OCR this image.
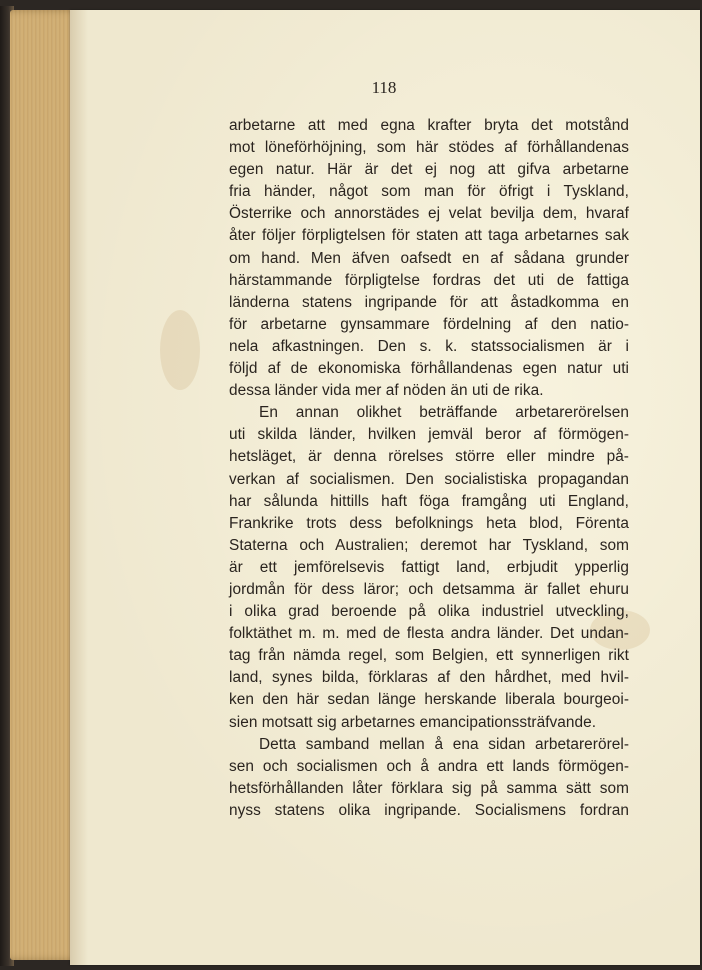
118
arbetarne att med egna krafter bryta det motstånd
mot löneförhöjning, som här stödes af förhållandenas
egen natur. Här är det ej nog att gifva arbetarne
fria händer, något som man för öfrigt i Tyskland,
Österrike och annorstädes ej velat bevilja dem, hvaraf
åter följer förpligtelsen för staten att taga arbetarnes sak
om hand. Men äfven oafsedt en af sådana grunder
härstammande förpligtelse fordras det uti de fattiga
länderna statens ingripande för att åstadkomma en
för arbetarne gynsammare fördelning af den natio-
nela afkastningen. Den s. k. statssocialismen är i
följd af de ekonomiska förhållandenas egen natur uti
dessa länder vida mer af nöden än uti de rika.
En annan olikhet beträffande arbetarerörelsen
uti skilda länder, hvilken jemväl beror af förmögen-
hetsläget, är denna rörelses större eller mindre på-
verkan af socialismen. Den socialistiska propagandan
har sålunda hittills haft föga framgång uti England,
Frankrike trots dess befolknings heta blod, Förenta
Staterna och Australien; deremot har Tyskland, som
är ett jemförelsevis fattigt land, erbjudit ypperlig
jordmån för dess läror; och detsamma är fallet ehuru
i olika grad beroende på olika industriel utveckling,
folktäthet m. m. med de flesta andra länder. Det undan-
tag från nämda regel, som Belgien, ett synnerligen rikt
land, synes bilda, förklaras af den hårdhet, med hvil-
ken den här sedan länge herskande liberala bourgeoi-
sien motsatt sig arbetarnes emancipationssträfvande.
Detta samband mellan å ena sidan arbetarerörel-
sen och socialismen och å andra ett lands förmögen-
hetsförhållanden låter förklara sig på samma sätt som
nyss statens olika ingripande. Socialismens fordran
